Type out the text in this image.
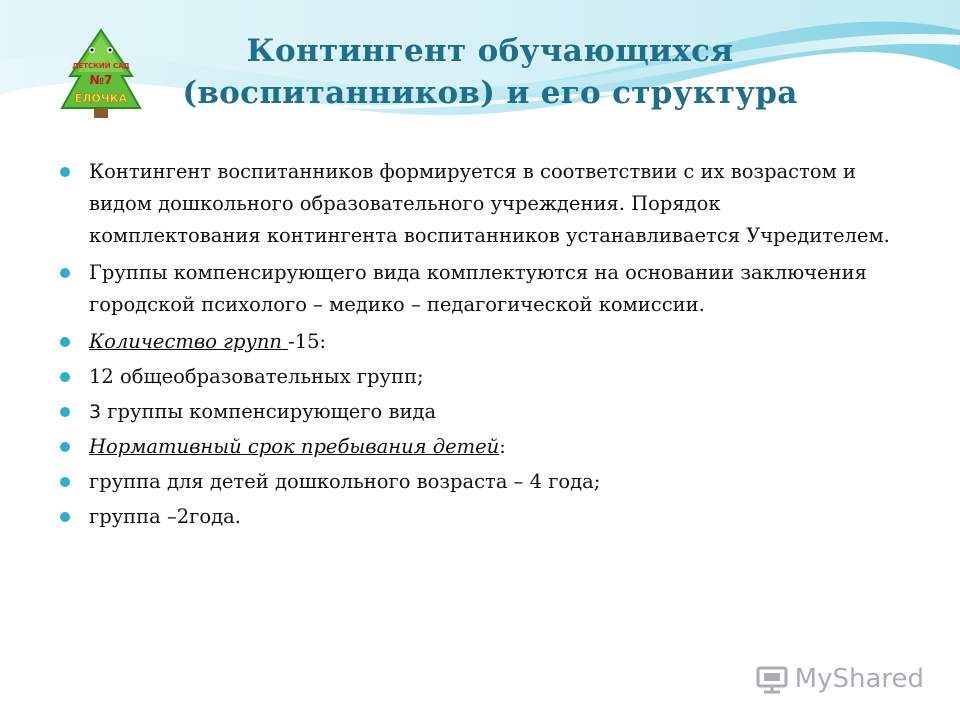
ДЕТСКИЙ САД
№7
ЁЛОЧКА
Контингент обучающихся
(воспитанников) и его структура
Контингент воспитанников формируется в соответствии с их возрастом и видом дошкольного образовательного учреждения. Порядок комплектования контингента воспитанников устанавливается Учредителем.
Группы компенсирующего вида комплектуются на основании заключения городской психолого – медико – педагогической комиссии.
Количество групп -15:
12 общеобразовательных групп;
3 группы компенсирующего вида
Нормативный срок пребывания детей:
группа для детей дошкольного возраста – 4 года;
группа –2года.
MyShared
